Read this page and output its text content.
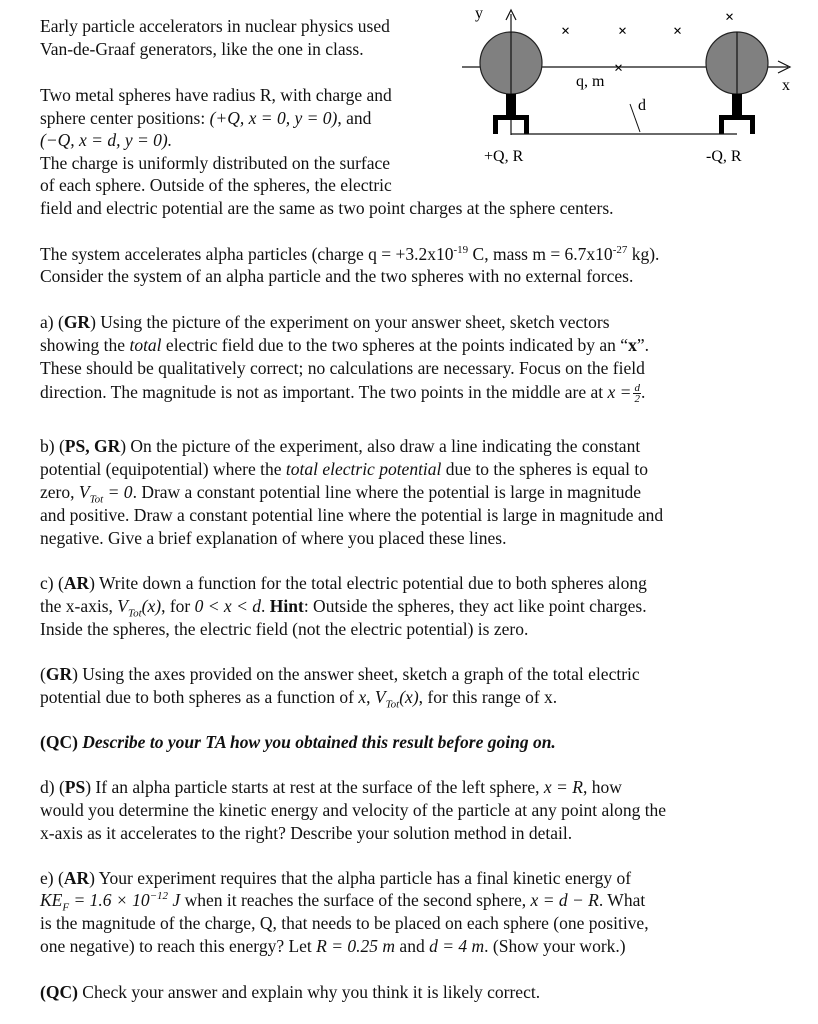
Early particle accelerators in nuclear physics used
Van-de-Graaf generators, like the one in class.
Two metal spheres have radius R, with charge and
sphere center positions: (+Q, x = 0, y = 0), and
(−Q, x = d, y = 0).
The charge is uniformly distributed on the surface
of each sphere. Outside of the spheres, the electric
field and electric potential are the same as two point charges at the sphere centers.
y
x
+Q, R	-Q, R
d
×
q, m
×	×	×
×
The system accelerates alpha particles (charge $q = +3.2x10^{-19}$ C, mass $m = 6.7x10^{-27}$ kg).
Consider the system of an alpha particle and the two spheres with no external forces.
a) (GR) Using the picture of the experiment on your answer sheet, sketch vectors
showing the total electric field due to the two spheres at the points indicated by an “x”.
These should be qualitatively correct; no calculations are necessary. Focus on the field
direction. The magnitude is not as important. The two points in the middle are at $x = \frac{d}{2}$ .
b) (PS, GR) On the picture of the experiment, also draw a line indicating the constant
potential (equipotential) where the total electric potential due to the spheres is equal to
zero, $V_{Tot} = 0$. Draw a constant potential line where the potential is large in magnitude
and positive. Draw a constant potential line where the potential is large in magnitude and
negative. Give a brief explanation of where you placed these lines.
c) (AR) Write down a function for the total electric potential due to both spheres along
the x-axis, $V_{Tot}(x)$, for 0 < x < d. Hint: Outside the spheres, they act like point charges.
Inside the spheres, the electric field (not the electric potential) is zero.
(GR) Using the axes provided on the answer sheet, sketch a graph of the total electric
potential due to both spheres as a function of x, $V_{Tot}(x)$, for this range of x.
(QC) Describe to your TA how you obtained this result before going on.
d) (PS) If an alpha particle starts at rest at the surface of the left sphere, x = R, how
would you determine the kinetic energy and velocity of the particle at any point along the
x-axis as it accelerates to the right? Describe your solution method in detail.
e) (AR) Your experiment requires that the alpha particle has a final kinetic energy of
$KE_F = 1.6 \times 10^{-12}$ J when it reaches the surface of the second sphere, x = d − R. What
is the magnitude of the charge, Q, that needs to be placed on each sphere (one positive,
one negative) to reach this energy? Let R = 0.25 m and d = 4 m. (Show your work.)
(QC) Check your answer and explain why you think it is likely correct.
